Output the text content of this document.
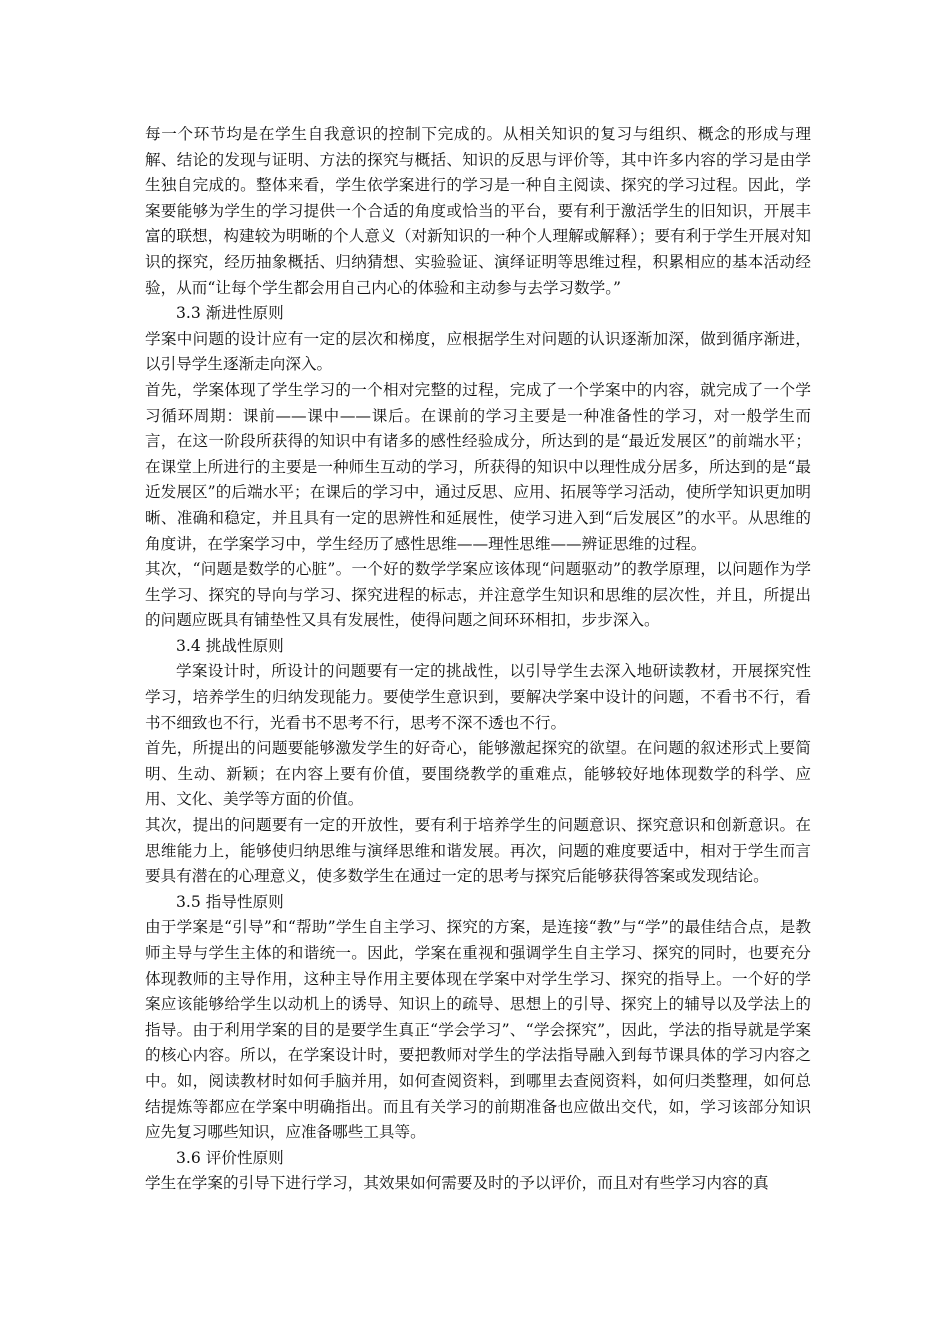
每一个环节均是在学生自我意识的控制下完成的。从相关知识的复习与组织、概念的形成与理解、结论的发现与证明、方法的探究与概括、知识的反思与评价等，其中许多内容的学习是由学生独自完成的。整体来看，学生依学案进行的学习是一种自主阅读、探究的学习过程。因此，学案要能够为学生的学习提供一个合适的角度或恰当的平台，要有利于激活学生的旧知识，开展丰富的联想，构建较为明晰的个人意义（对新知识的一种个人理解或解释）；要有利于学生开展对知识的探究，经历抽象概括、归纳猜想、实验验证、演绎证明等思维过程，积累相应的基本活动经验，从而“让每个学生都会用自己内心的体验和主动参与去学习数学。”

3.3 渐进性原则

学案中问题的设计应有一定的层次和梯度，应根据学生对问题的认识逐渐加深，做到循序渐进，以引导学生逐渐走向深入。

首先，学案体现了学生学习的一个相对完整的过程，完成了一个学案中的内容，就完成了一个学习循环周期：课前——课中——课后。在课前的学习主要是一种准备性的学习，对一般学生而言，在这一阶段所获得的知识中有诸多的感性经验成分，所达到的是“最近发展区”的前端水平；在课堂上所进行的主要是一种师生互动的学习，所获得的知识中以理性成分居多，所达到的是“最近发展区”的后端水平；在课后的学习中，通过反思、应用、拓展等学习活动，使所学知识更加明晰、准确和稳定，并且具有一定的思辨性和延展性，使学习进入到“后发展区”的水平。从思维的角度讲，在学案学习中，学生经历了感性思维——理性思维——辨证思维的过程。

其次，“问题是数学的心脏”。一个好的数学学案应该体现“问题驱动”的教学原理，以问题作为学生学习、探究的导向与学习、探究进程的标志，并注意学生知识和思维的层次性，并且，所提出的问题应既具有铺垫性又具有发展性，使得问题之间环环相扣，步步深入。

3.4 挑战性原则

学案设计时，所设计的问题要有一定的挑战性，以引导学生去深入地研读教材，开展探究性学习，培养学生的归纳发现能力。要使学生意识到，要解决学案中设计的问题，不看书不行，看书不细致也不行，光看书不思考不行，思考不深不透也不行。

首先，所提出的问题要能够激发学生的好奇心，能够激起探究的欲望。在问题的叙述形式上要简明、生动、新颖；在内容上要有价值，要围绕教学的重难点，能够较好地体现数学的科学、应用、文化、美学等方面的价值。

其次，提出的问题要有一定的开放性，要有利于培养学生的问题意识、探究意识和创新意识。在思维能力上，能够使归纳思维与演绎思维和谐发展。再次，问题的难度要适中，相对于学生而言要具有潜在的心理意义，使多数学生在通过一定的思考与探究后能够获得答案或发现结论。

3.5 指导性原则

由于学案是“引导”和“帮助”学生自主学习、探究的方案，是连接“教”与“学”的最佳结合点，是教师主导与学生主体的和谐统一。因此，学案在重视和强调学生自主学习、探究的同时，也要充分体现教师的主导作用，这种主导作用主要体现在学案中对学生学习、探究的指导上。一个好的学案应该能够给学生以动机上的诱导、知识上的疏导、思想上的引导、探究上的辅导以及学法上的指导。由于利用学案的目的是要学生真正“学会学习”、“学会探究”，因此，学法的指导就是学案的核心内容。所以，在学案设计时，要把教师对学生的学法指导融入到每节课具体的学习内容之中。如，阅读教材时如何手脑并用，如何查阅资料，到哪里去查阅资料，如何归类整理，如何总结提炼等都应在学案中明确指出。而且有关学习的前期准备也应做出交代，如，学习该部分知识应先复习哪些知识，应准备哪些工具等。

3.6 评价性原则

学生在学案的引导下进行学习，其效果如何需要及时的予以评价，而且对有些学习内容的真
